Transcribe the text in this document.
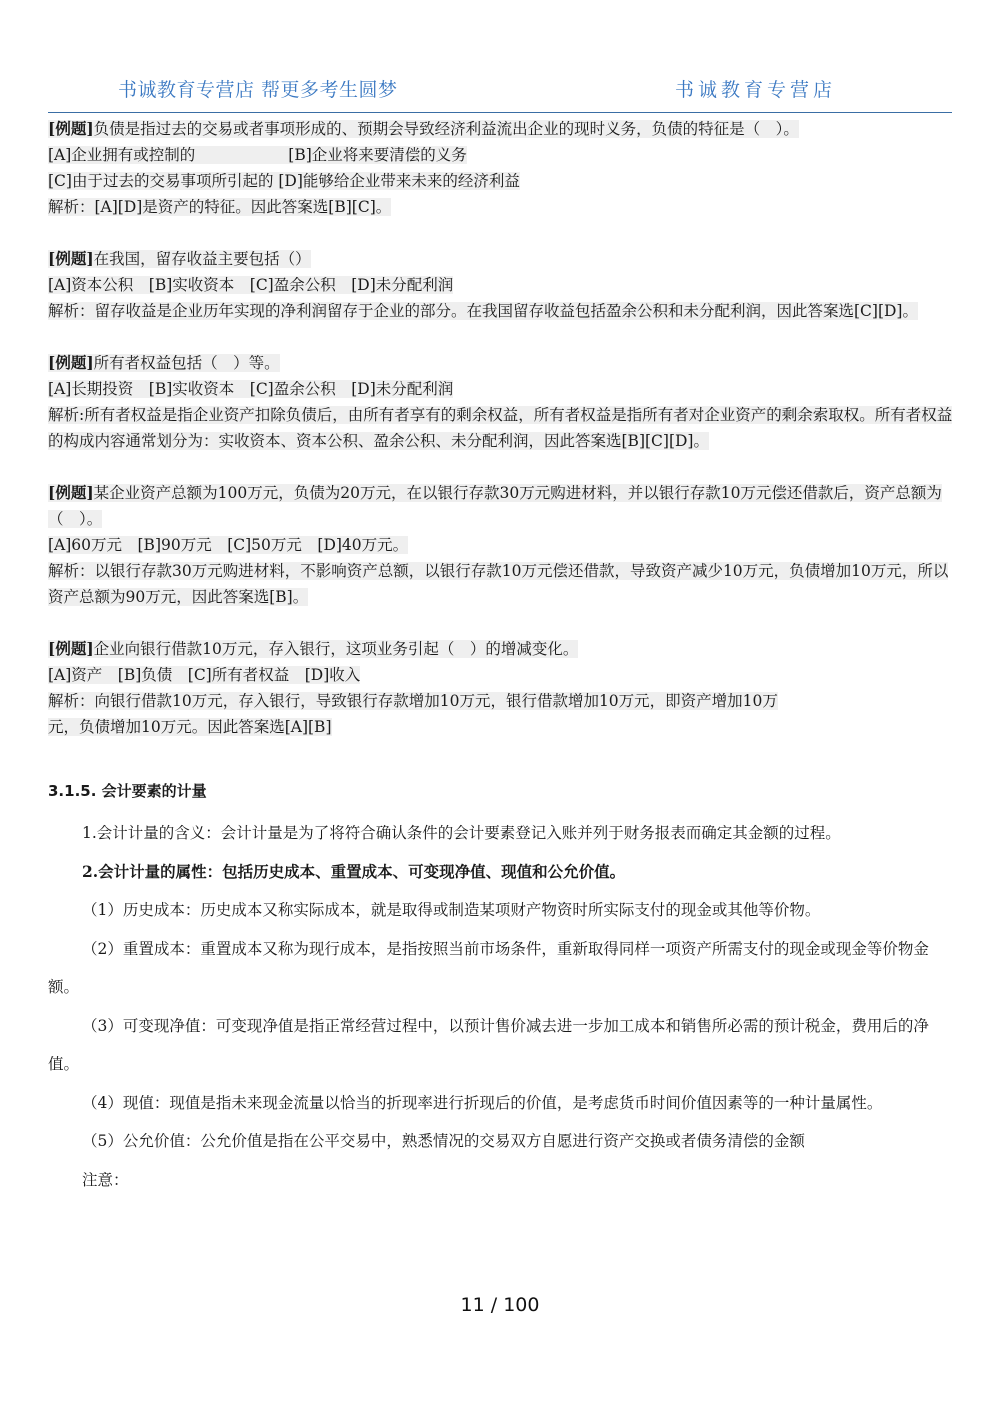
书诚教育专营店 帮更多考生圆梦	书诚教育专营店
[例题]负债是指过去的交易或者事项形成的、预期会导致经济利益流出企业的现时义务，负债的特征是（　）。
[A]企业拥有或控制的　　　　　　[B]企业将来要清偿的义务
[C]由于过去的交易事项所引起的 [D]能够给企业带来未来的经济利益
解析：[A][D]是资产的特征。因此答案选[B][C]。
[例题]在我国，留存收益主要包括（）
[A]资本公积　[B]实收资本　[C]盈余公积　[D]未分配利润
解析：留存收益是企业历年实现的净利润留存于企业的部分。在我国留存收益包括盈余公积和未分配利润，因此答案选[C][D]。
[例题]所有者权益包括（　）等。
[A]长期投资　[B]实收资本　[C]盈余公积　[D]未分配利润
解析:所有者权益是指企业资产扣除负债后，由所有者享有的剩余权益，所有者权益是指所有者对企业资产的剩余索取权。所有者权益的构成内容通常划分为：实收资本、资本公积、盈余公积、未分配利润，因此答案选[B][C][D]。
[例题]某企业资产总额为100万元，负债为20万元，在以银行存款30万元购进材料，并以银行存款10万元偿还借款后，资产总额为（　）。
[A]60万元　[B]90万元　[C]50万元　[D]40万元。
解析：以银行存款30万元购进材料，不影响资产总额，以银行存款10万元偿还借款，导致资产减少10万元，负债增加10万元，所以资产总额为90万元，因此答案选[B]。
[例题]企业向银行借款10万元，存入银行，这项业务引起（　）的增减变化。
[A]资产　[B]负债　[C]所有者权益　[D]收入
解析：向银行借款10万元，存入银行，导致银行存款增加10万元，银行借款增加10万元，即资产增加10万
元，负债增加10万元。因此答案选[A][B]
3.1.5. 会计要素的计量

1.会计计量的含义：会计计量是为了将符合确认条件的会计要素登记入账并列于财务报表而确定其金额的过程。

2.会计计量的属性：包括历史成本、重置成本、可变现净值、现值和公允价值。

（1）历史成本：历史成本又称实际成本，就是取得或制造某项财产物资时所实际支付的现金或其他等价物。

（2）重置成本：重置成本又称为现行成本，是指按照当前市场条件，重新取得同样一项资产所需支付的现金或现金等价物金额。

（3）可变现净值：可变现净值是指正常经营过程中，以预计售价减去进一步加工成本和销售所必需的预计税金，费用后的净值。

（4）现值：现值是指未来现金流量以恰当的折现率进行折现后的价值，是考虑货币时间价值因素等的一种计量属性。

（5）公允价值：公允价值是指在公平交易中，熟悉情况的交易双方自愿进行资产交换或者债务清偿的金额

注意：

11 / 100
